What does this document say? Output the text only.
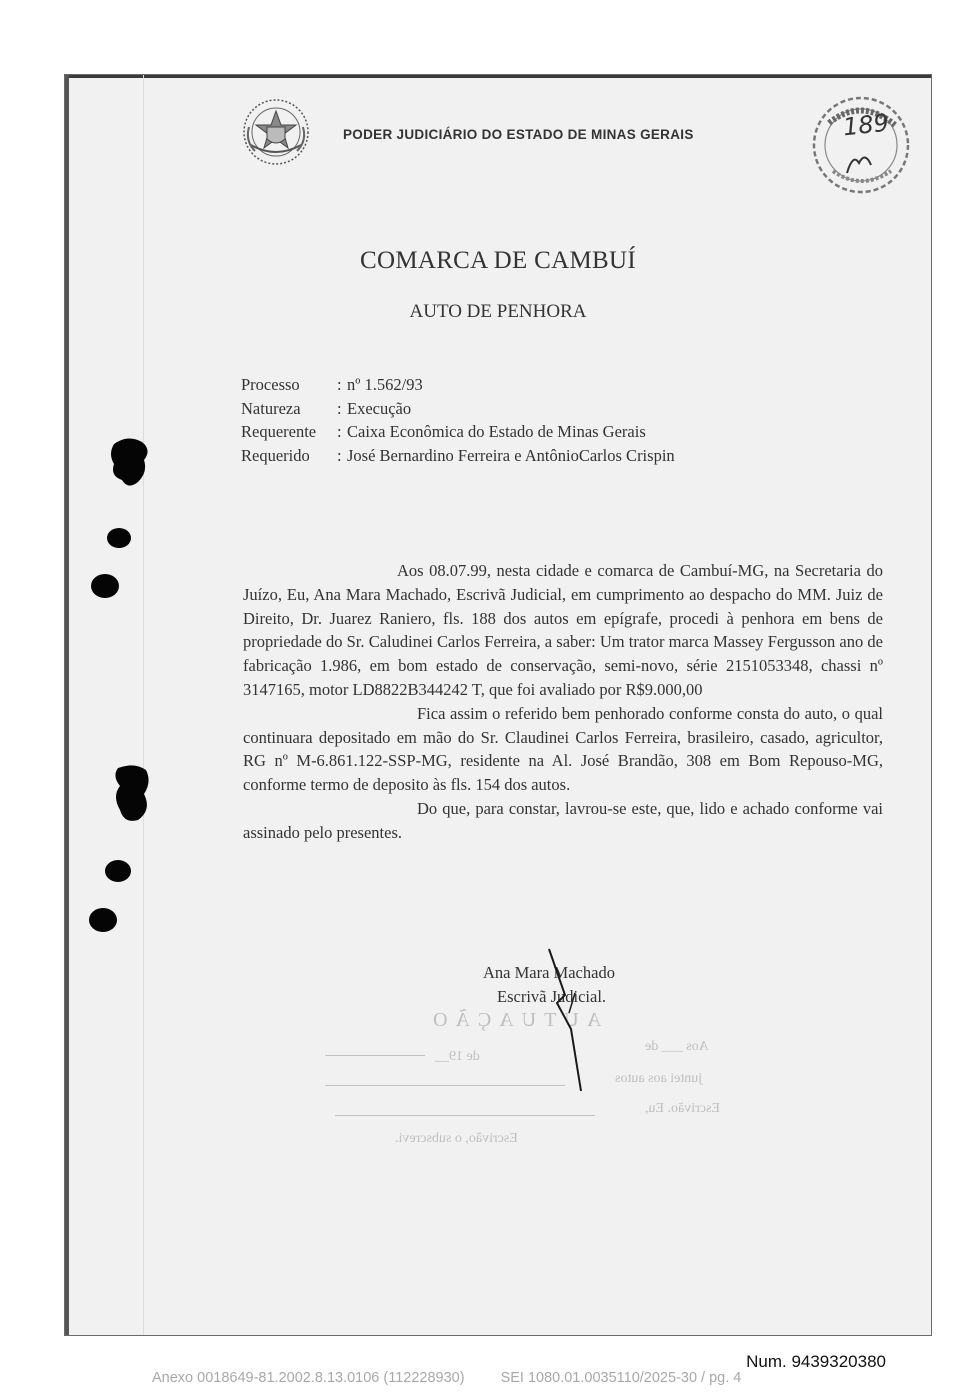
PODER JUDICIÁRIO DO ESTADO DE MINAS GERAIS	189
COMARCA DE CAMBUÍ
AUTO DE PENHORA
Processo	: nº 1.562/93
Natureza	: Execução
Requerente	: Caixa Econômica do Estado de Minas Gerais
Requerido	: José Bernardino Ferreira e AntônioCarlos Crispin

Aos 08.07.99, nesta cidade e comarca de Cambuí-MG, na Secretaria do Juízo, Eu, Ana Mara Machado, Escrivã Judicial, em cumprimento ao despacho do MM. Juiz de Direito, Dr. Juarez Raniero, fls. 188 dos autos em epígrafe, procedi à penhora em bens de propriedade do Sr. Caludinei Carlos Ferreira, a saber: Um trator marca Massey Fergusson ano de fabricação 1.986, em bom estado de conservação, semi-novo, série 2151053348, chassi nº 3147165, motor LD8822B344242 T, que foi avaliado por R$9.000,00

Fica assim o referido bem penhorado conforme consta do auto, o qual continuara depositado em mão do Sr. Claudinei Carlos Ferreira, brasileiro, casado, agricultor, RG nº M-6.861.122-SSP-MG, residente na Al. José Brandão, 308 em Bom Repouso-MG, conforme termo de deposito às fls. 154 dos autos.

Do que, para constar, lavrou-se este, que, lido e achado conforme vai assinado pelo presentes.

AUTUAÇÃO
Aos ___ de
de 19__
juntei aos autos
Escrivão. Eu,
Escrivão, o subscrevi.
Ana Mara Machado
Escrivã Judicial.
Num. 9439320380
Anexo 0018649-81.2002.8.13.0106 (112228930) SEI 1080.01.0035110/2025-30 / pg. 4
